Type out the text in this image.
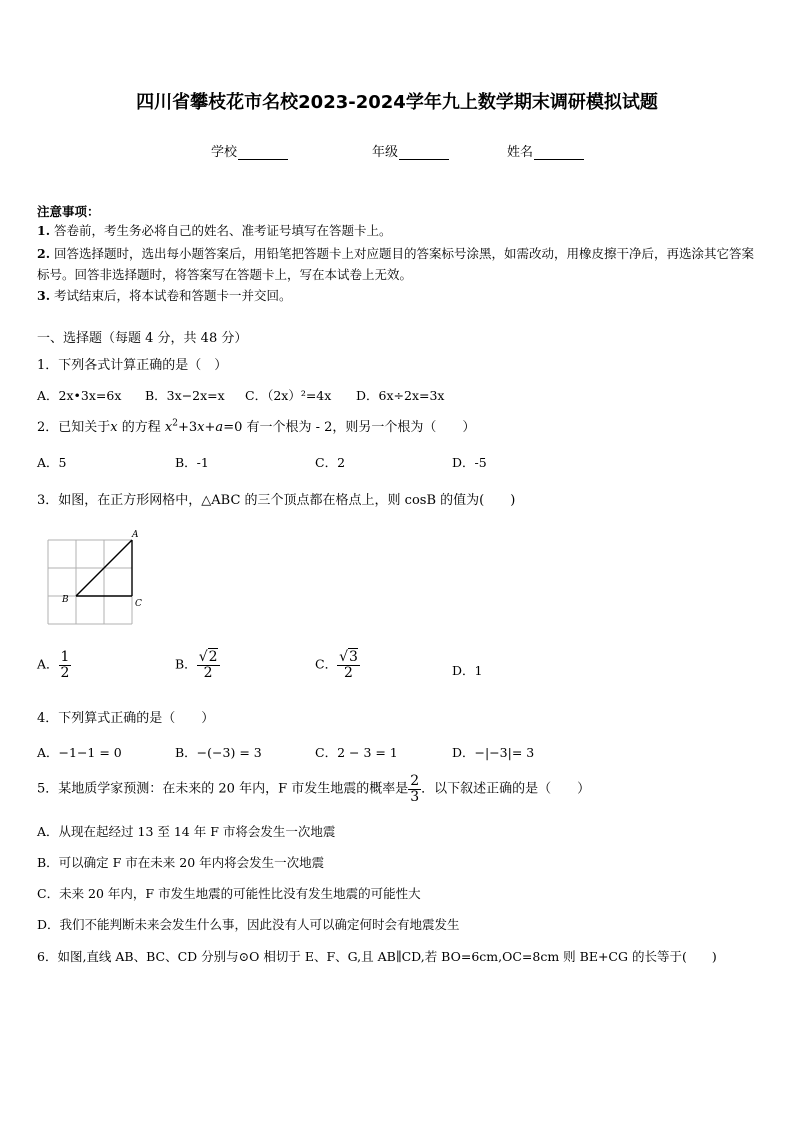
四川省攀枝花市名校2023-2024学年九上数学期末调研模拟试题
学校	年级	姓名
注意事项：
1. 答卷前，考生务必将自己的姓名、准考证号填写在答题卡上。
2. 回答选择题时，选出每小题答案后，用铅笔把答题卡上对应题目的答案标号涂黑，如需改动，用橡皮擦干净后，再选涂其它答案标号。回答非选择题时，将答案写在答题卡上，写在本试卷上无效。
3. 考试结束后，将本试卷和答题卡一并交回。
一、选择题（每题 4 分，共 48 分）
1．下列各式计算正确的是（　）
A．2x•3x=6x B．3x−2x=x C．（2x）²=4x D．6x÷2x=3x
2．已知关于x 的方程 $x^2+3x+a=0$ 有一个根为 - 2，则另一个根为（　　）
A．5	B．-1	C．2	D．-5
3．如图，在正方形网格中，△ABC 的三个顶点都在格点上，则 cosB 的值为(　　)
A
B	C
A． $\frac{1}{2}$	B． $\frac{√2}{2}$	C． $\frac{√3}{2}$	D．1
4．下列算式正确的是（　　）
A．−1−1 = 0	B．−(−3) = 3	C．2 − 3 = 1	D．−|−3|= 3
5．某地质学家预测：在未来的 20 年内，F 市发生地震的概率是 $\frac{2}{3}$ ．以下叙述正确的是（　　）
A．从现在起经过 13 至 14 年 F 市将会发生一次地震
B．可以确定 F 市在未来 20 年内将会发生一次地震
C．未来 20 年内，F 市发生地震的可能性比没有发生地震的可能性大
D．我们不能判断未来会发生什么事，因此没有人可以确定何时会有地震发生
6．如图,直线 AB、BC、CD 分别与⊙O 相切于 E、F、G,且 AB∥CD,若 BO=6cm,OC=8cm 则 BE+CG 的长等于(　　)
